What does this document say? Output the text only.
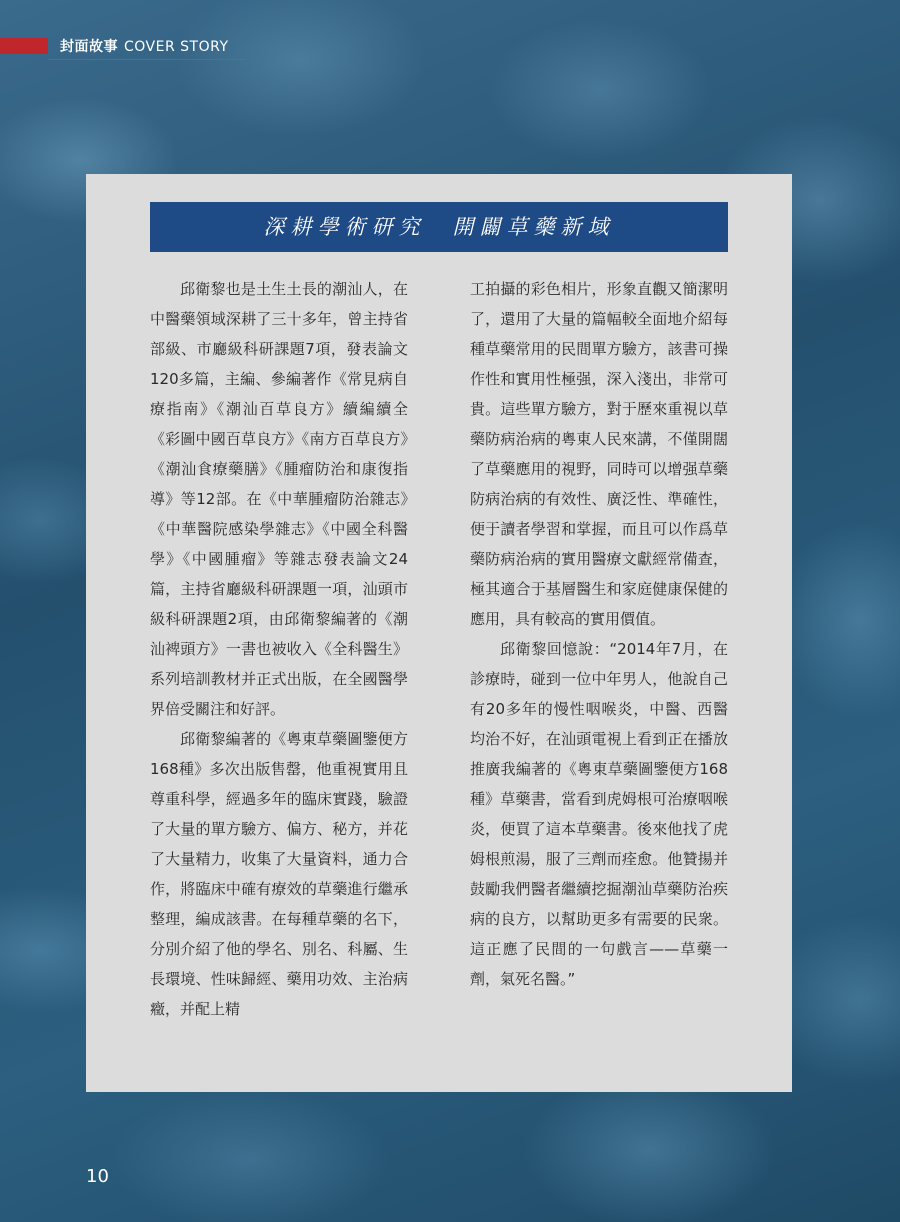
封面故事 COVER STORY
深耕學術研究　開闢草藥新域

邱衛黎也是土生土長的潮汕人，在中醫藥領域深耕了三十多年，曾主持省部級、市廳級科研課題7項，發表論文120多篇，主編、參編著作《常見病自療指南》《潮汕百草良方》續編續全《彩圖中國百草良方》《南方百草良方》《潮汕食療藥膳》《腫瘤防治和康復指導》等12部。在《中華腫瘤防治雜志》《中華醫院感染學雜志》《中國全科醫學》《中國腫瘤》等雜志發表論文24篇，主持省廳級科研課題一項，汕頭市級科研課題2項，由邱衛黎編著的《潮汕裨頭方》一書也被收入《全科醫生》系列培訓教材并正式出版，在全國醫學界倍受關注和好評。

邱衛黎編著的《粵東草藥圖鑒便方168種》多次出版售罄，他重視實用且尊重科學，經過多年的臨床實踐，驗證了大量的單方驗方、偏方、秘方，并花了大量精力，收集了大量資料，通力合作，將臨床中確有療效的草藥進行繼承整理，編成該書。在每種草藥的名下，分別介紹了他的學名、別名、科屬、生長環境、性味歸經、藥用功效、主治病癥，并配上精

工拍攝的彩色相片，形象直觀又簡潔明了，還用了大量的篇幅較全面地介紹每種草藥常用的民間單方驗方，該書可操作性和實用性極强，深入淺出，非常可貴。這些單方驗方，對于歷來重視以草藥防病治病的粵東人民來講，不僅開闊了草藥應用的視野，同時可以增强草藥防病治病的有效性、廣泛性、準確性，便于讀者學習和掌握，而且可以作爲草藥防病治病的實用醫療文獻經常備查，極其適合于基層醫生和家庭健康保健的應用，具有較高的實用價值。

邱衛黎回憶說：“2014年7月，在診療時，碰到一位中年男人，他說自己有20多年的慢性咽喉炎，中醫、西醫均治不好，在汕頭電視上看到正在播放推廣我編著的《粵東草藥圖鑒便方168種》草藥書，當看到虎姆根可治療咽喉炎，便買了這本草藥書。後來他找了虎姆根煎湯，服了三劑而痊愈。他贊揚并鼓勵我們醫者繼續挖掘潮汕草藥防治疾病的良方，以幫助更多有需要的民衆。這正應了民間的一句戲言——草藥一劑，氣死名醫。”

10
